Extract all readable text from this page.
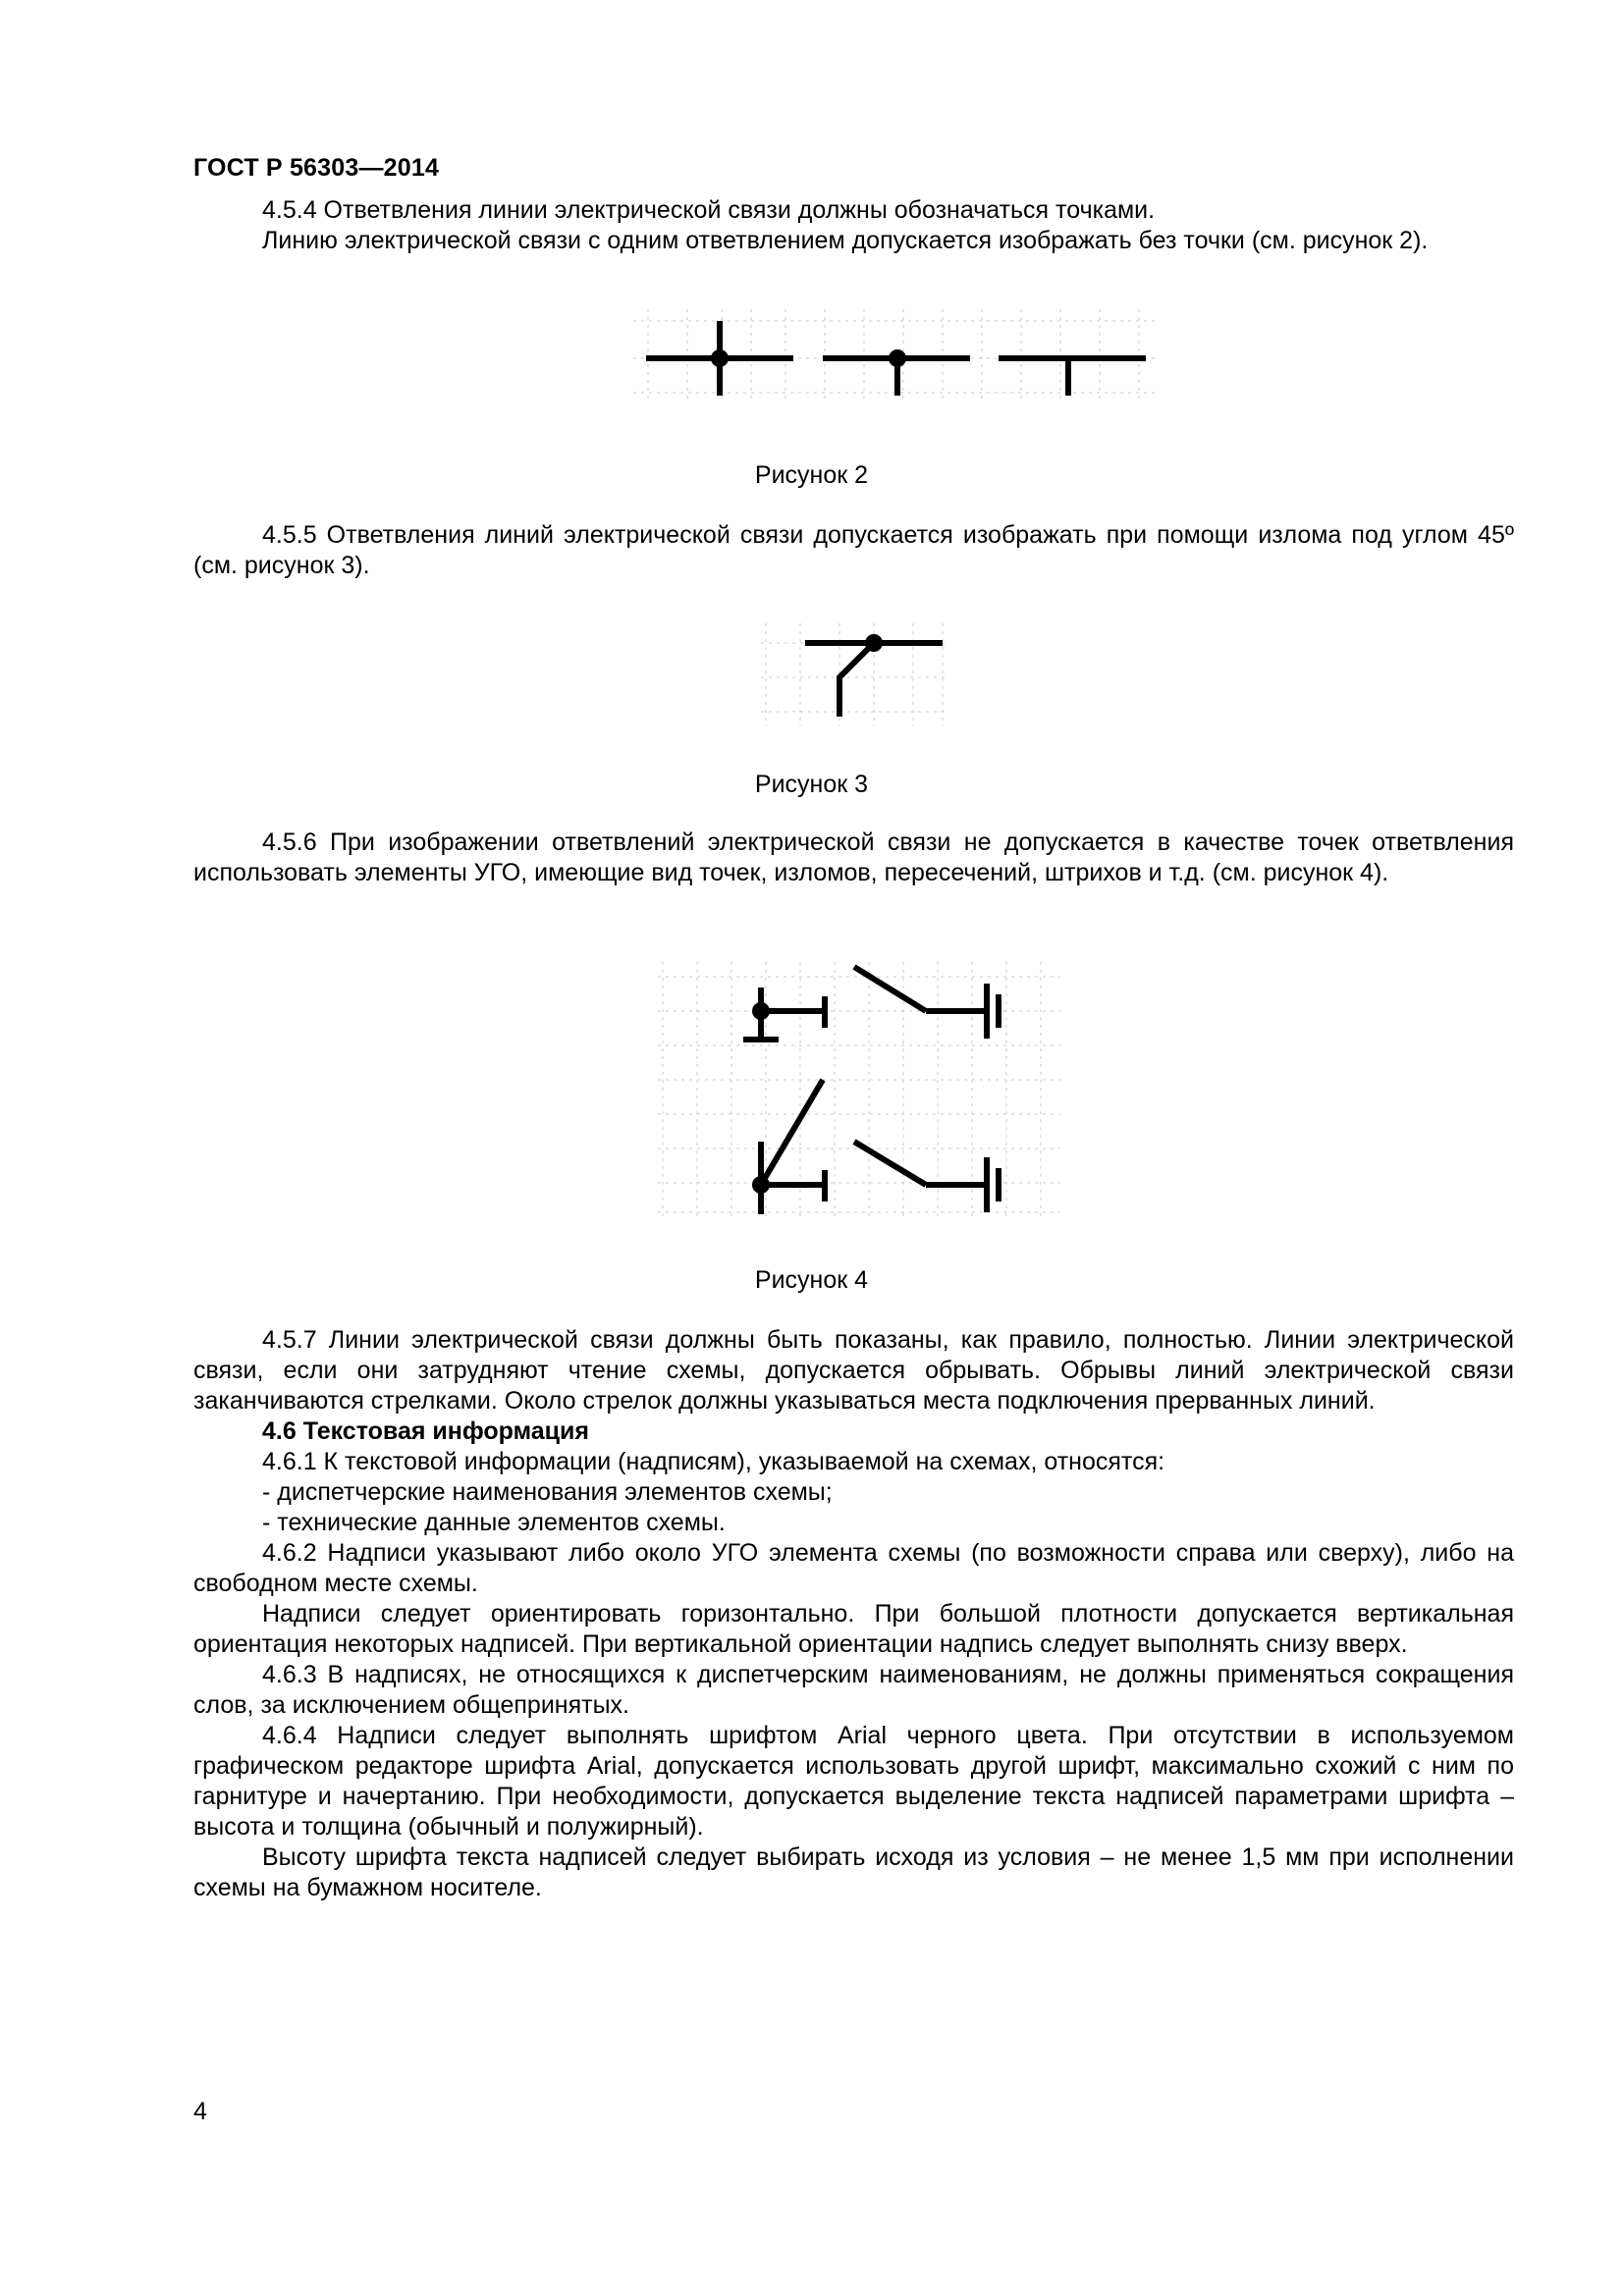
ГОСТ Р 56303—2014

4.5.4 Ответвления линии электрической связи должны обозначаться точками.

Линию электрической связи с одним ответвлением допускается изображать без точки (см. рисунок 2).

Рисунок 2

4.5.5 Ответвления линий электрической связи допускается изображать при помощи излома под углом 45º (см. рисунок 3).

Рисунок 3

4.5.6 При изображении ответвлений электрической связи не допускается в качестве точек ответвления использовать элементы УГО, имеющие вид точек, изломов, пересечений, штрихов и т.д. (см. рисунок 4).

Рисунок 4

4.5.7 Линии электрической связи должны быть показаны, как правило, полностью. Линии электрической связи, если они затрудняют чтение схемы, допускается обрывать. Обрывы линий электрической связи заканчиваются стрелками. Около стрелок должны указываться места подключения прерванных линий.

4.6 Текстовая информация

4.6.1 К текстовой информации (надписям), указываемой на схемах, относятся:

- диспетчерские наименования элементов схемы;

- технические данные элементов схемы.

4.6.2 Надписи указывают либо около УГО элемента схемы (по возможности справа или сверху), либо на свободном месте схемы.

Надписи следует ориентировать горизонтально. При большой плотности допускается вертикальная ориентация некоторых надписей. При вертикальной ориентации надпись следует выполнять снизу вверх.

4.6.3 В надписях, не относящихся к диспетчерским наименованиям, не должны применяться сокращения слов, за исключением общепринятых.

4.6.4 Надписи следует выполнять шрифтом Arial черного цвета. При отсутствии в используемом графическом редакторе шрифта Arial, допускается использовать другой шрифт, максимально схожий с ним по гарнитуре и начертанию. При необходимости, допускается выделение текста надписей параметрами шрифта – высота и толщина (обычный и полужирный).

Высоту шрифта текста надписей следует выбирать исходя из условия – не менее 1,5 мм при исполнении схемы на бумажном носителе.

4
